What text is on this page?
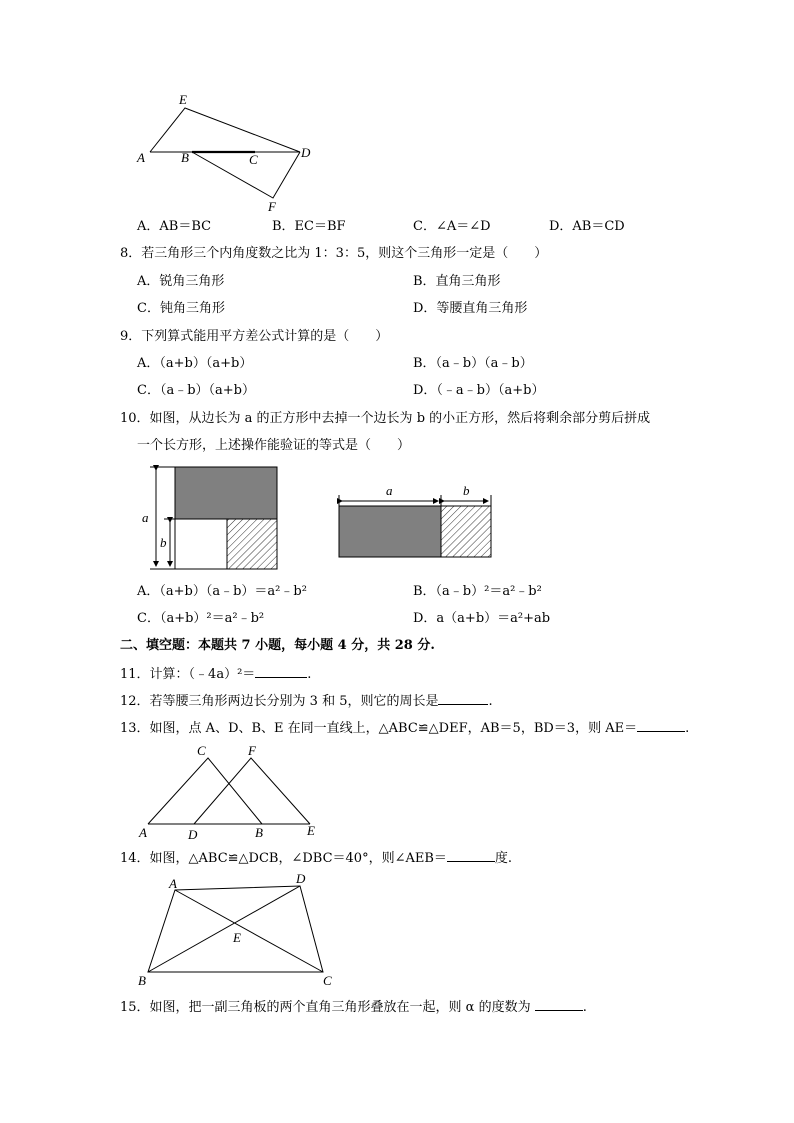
E
A	B	C	D
F
A．AB＝BC	B．EC＝BF	C．∠A＝∠D	D．AB＝CD
8．若三角形三个内角度数之比为 1：3：5，则这个三角形一定是（　　）
A．锐角三角形	B．直角三角形
C．钝角三角形	D．等腰直角三角形
9．下列算式能用平方差公式计算的是（　　）
A．（a+b）（a+b）	B．（a﹣b）（a﹣b）
C．（a﹣b）（a+b）	D．（﹣a﹣b）（a+b）
10．如图，从边长为 a 的正方形中去掉一个边长为 b 的小正方形，然后将剩余部分剪后拼成
一个长方形，上述操作能验证的等式是（　　）
a
b
a	b
A．（a+b）（a﹣b）＝a²﹣b²	B．（a﹣b）²＝a²﹣b²
C．（a+b）²＝a²﹣b²	D．a（a+b）＝a²+ab
二、填空题：本题共 7 小题，每小题 4 分，共 28 分.
11．计算：（﹣4a）²＝	.
12．若等腰三角形两边长分别为 3 和 5，则它的周长是	.
13．如图，点 A、D、B、E 在同一直线上，△ABC≌△DEF，AB＝5，BD＝3，则 AE＝	.
C	F
A	D	B	E
14．如图，△ABC≌△DCB，∠DBC＝40°，则∠AEB＝	度.
A	D
E
B	C
15．如图，把一副三角板的两个直角三角形叠放在一起，则 α 的度数为	.
